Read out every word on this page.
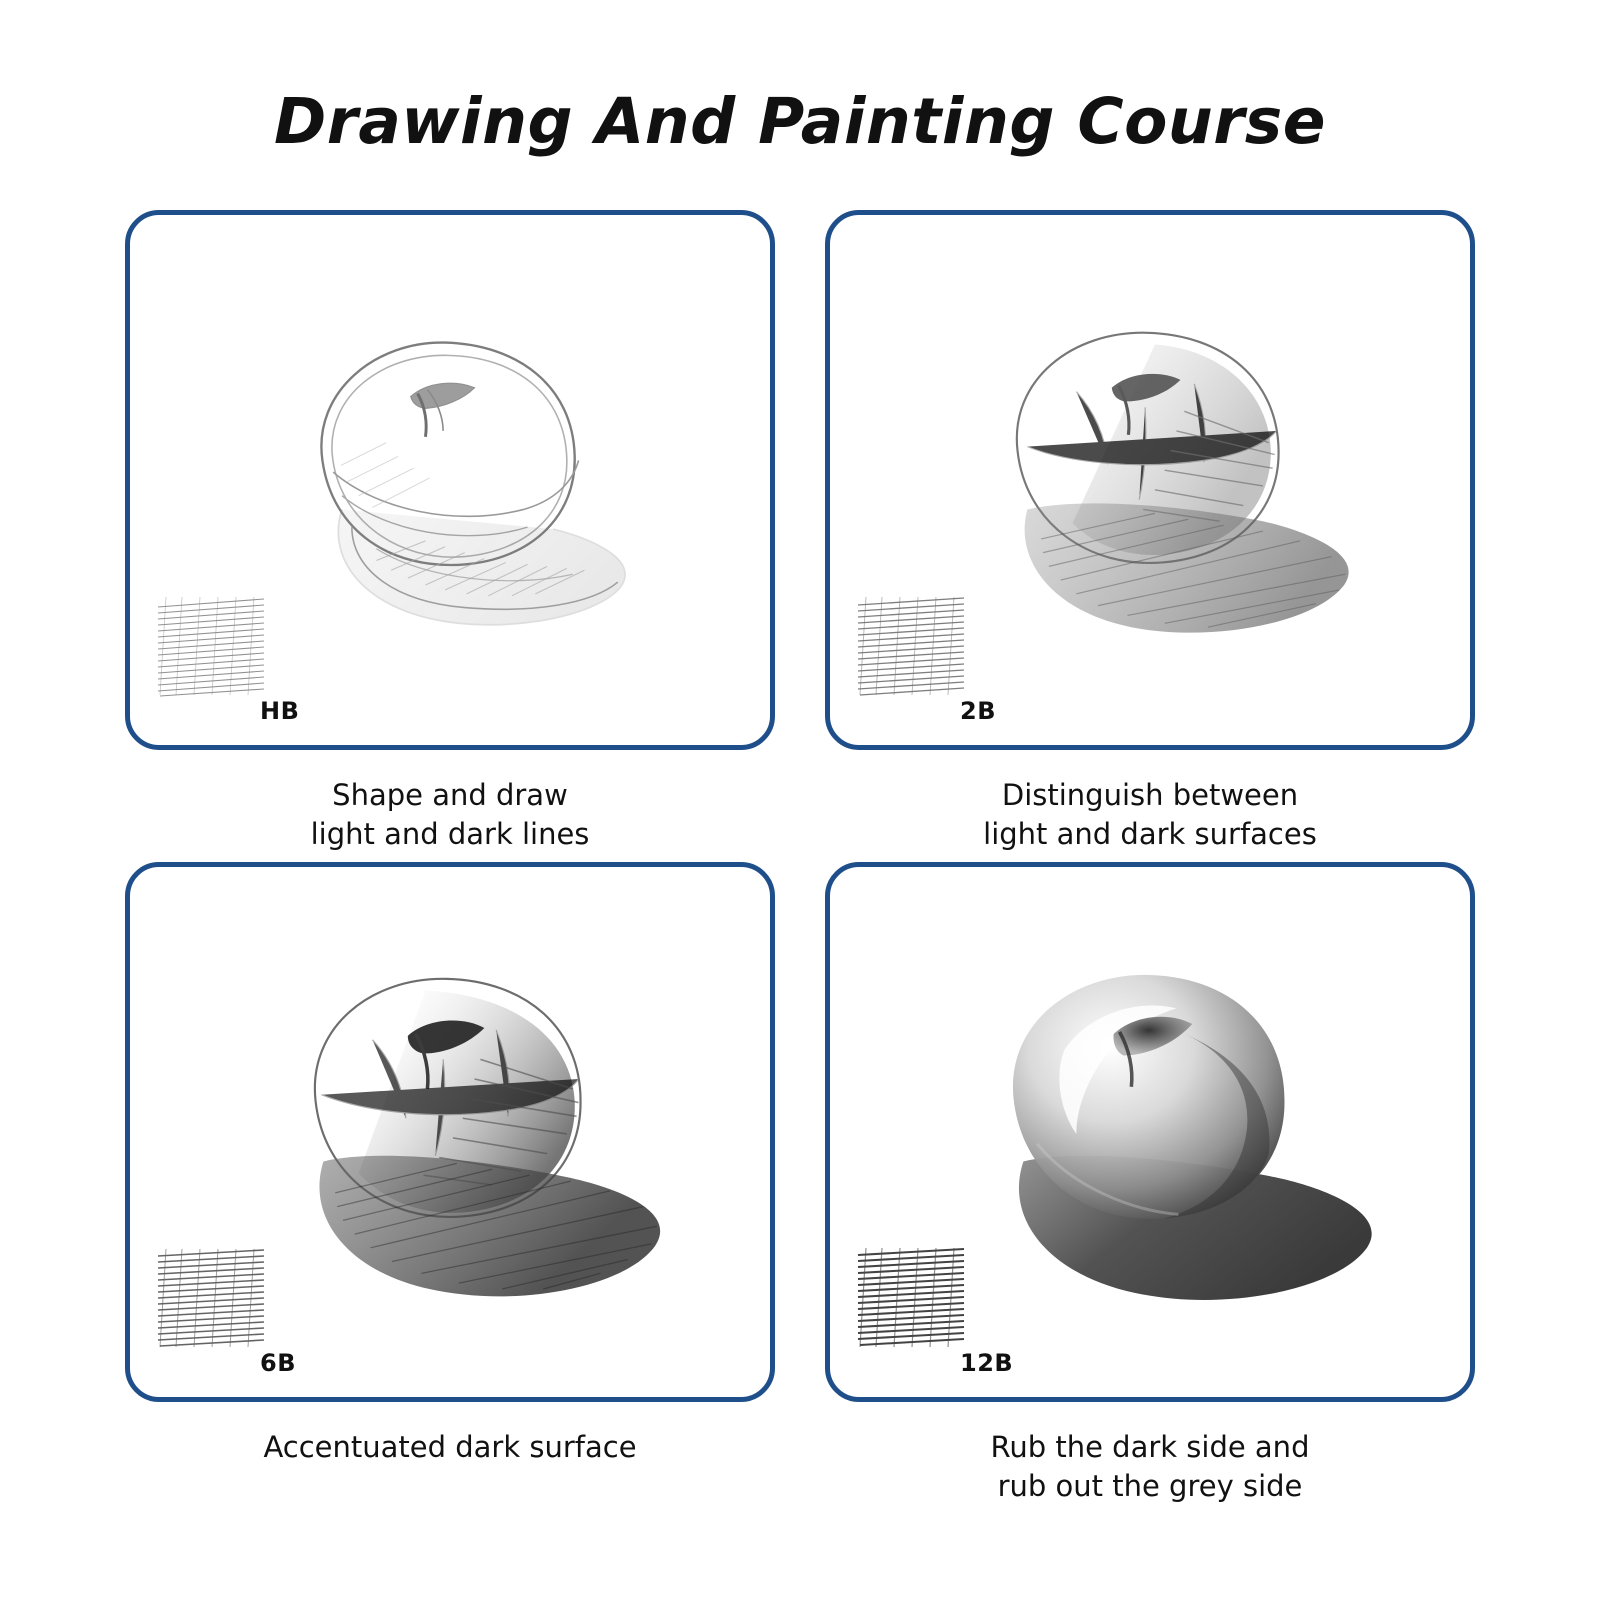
Drawing And Painting Course
HB
Shape and draw
light and dark lines
2B
Distinguish between
light and dark surfaces
6B
Accentuated dark surface
12B
Rub the dark side and
rub out the grey side
